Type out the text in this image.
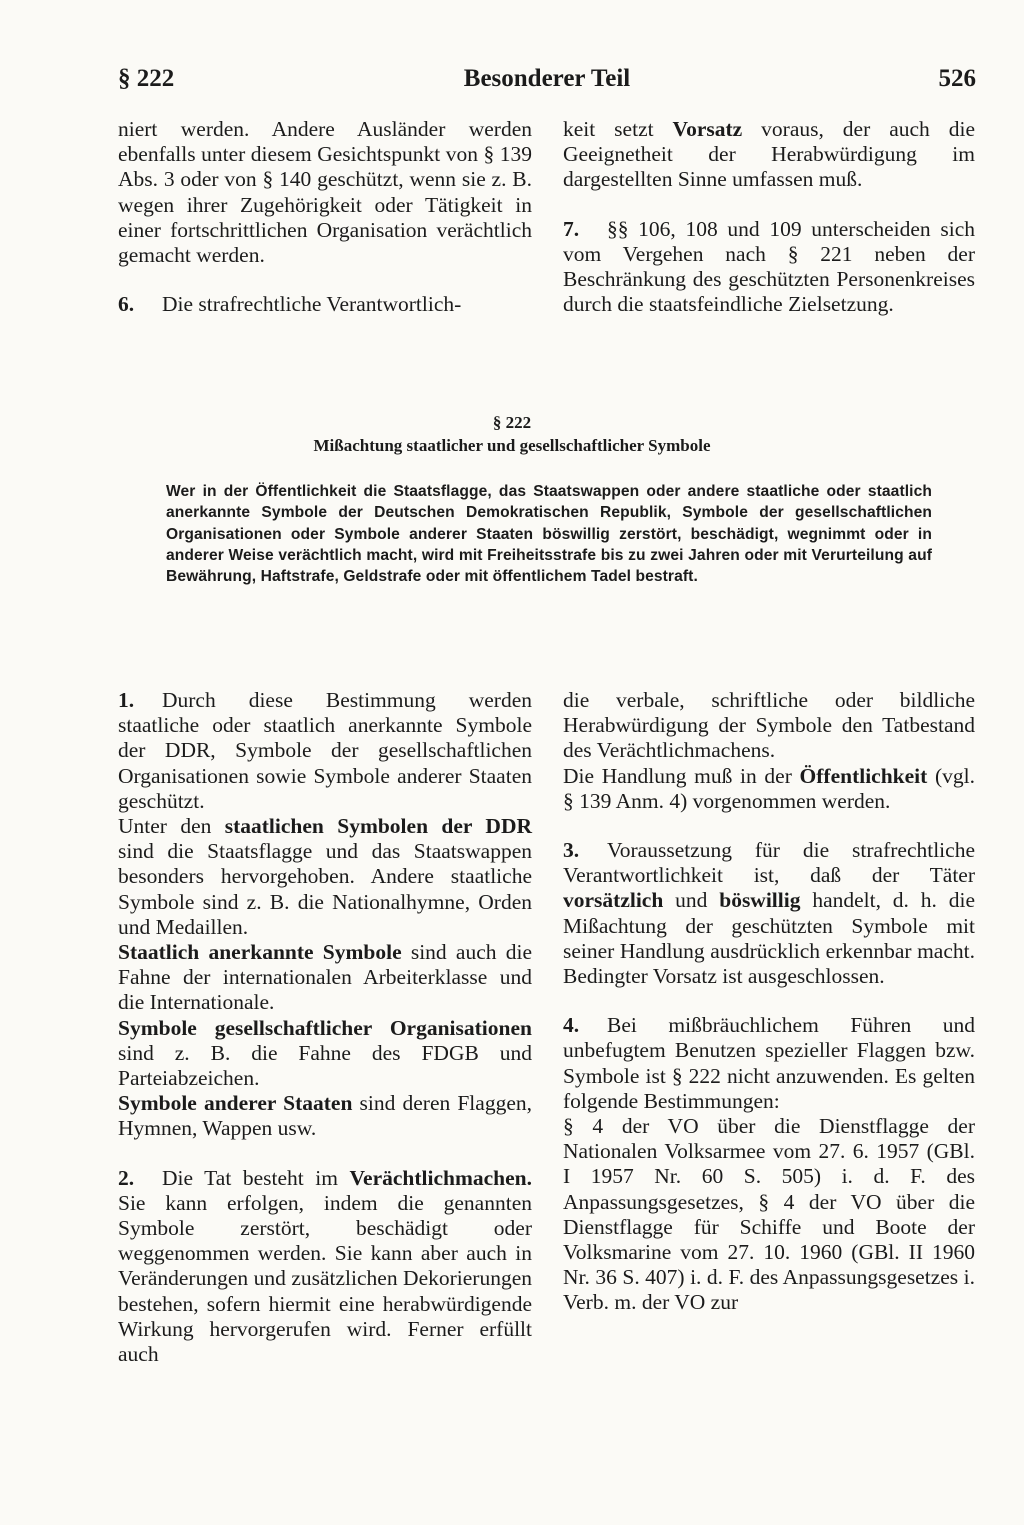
§ 222	Besonderer Teil	526

niert werden. Andere Ausländer werden ebenfalls unter diesem Gesichtspunkt von § 139 Abs. 3 oder von § 140 geschützt, wenn sie z. B. wegen ihrer Zugehörigkeit oder Tätigkeit in einer fortschrittlichen Organisation verächtlich gemacht werden.

6. Die strafrechtliche Verantwortlich-

keit setzt Vorsatz voraus, der auch die Geeignetheit der Herabwürdigung im dargestellten Sinne umfassen muß.

7. §§ 106, 108 und 109 unterscheiden sich vom Vergehen nach § 221 neben der Beschränkung des geschützten Personenkreises durch die staatsfeindliche Zielsetzung.

§ 222
Mißachtung staatlicher und gesellschaftlicher Symbole
Wer in der Öffentlichkeit die Staatsflagge, das Staatswappen oder andere staatliche oder staatlich anerkannte Symbole der Deutschen Demokratischen Republik, Symbole der gesellschaftlichen Organisationen oder Symbole anderer Staaten böswillig zerstört, beschädigt, wegnimmt oder in anderer Weise verächtlich macht, wird mit Freiheitsstrafe bis zu zwei Jahren oder mit Verurteilung auf Bewährung, Haftstrafe, Geldstrafe oder mit öffentlichem Tadel bestraft.

1. Durch diese Bestimmung werden staatliche oder staatlich anerkannte Symbole der DDR, Symbole der gesellschaftlichen Organisationen sowie Symbole anderer Staaten geschützt.

Unter den staatlichen Symbolen der DDR sind die Staatsflagge und das Staatswappen besonders hervorgehoben. Andere staatliche Symbole sind z. B. die Nationalhymne, Orden und Medaillen.

Staatlich anerkannte Symbole sind auch die Fahne der internationalen Arbeiterklasse und die Internationale.

Symbole gesellschaftlicher Organisationen sind z. B. die Fahne des FDGB und Parteiabzeichen.

Symbole anderer Staaten sind deren Flaggen, Hymnen, Wappen usw.

2. Die Tat besteht im Verächtlichmachen. Sie kann erfolgen, indem die genannten Symbole zerstört, beschädigt oder weggenommen werden. Sie kann aber auch in Veränderungen und zusätzlichen Dekorierungen bestehen, sofern hiermit eine herabwürdigende Wirkung hervorgerufen wird. Ferner erfüllt auch

die verbale, schriftliche oder bildliche Herabwürdigung der Symbole den Tatbestand des Verächtlichmachens.

Die Handlung muß in der Öffentlichkeit (vgl. § 139 Anm. 4) vorgenommen werden.

3. Voraussetzung für die strafrechtliche Verantwortlichkeit ist, daß der Täter vorsätzlich und böswillig handelt, d. h. die Mißachtung der geschützten Symbole mit seiner Handlung ausdrücklich erkennbar macht. Bedingter Vorsatz ist ausgeschlossen.

4. Bei mißbräuchlichem Führen und unbefugtem Benutzen spezieller Flaggen bzw. Symbole ist § 222 nicht anzuwenden. Es gelten folgende Bestimmungen:

§ 4 der VO über die Dienstflagge der Nationalen Volksarmee vom 27. 6. 1957 (GBl. I 1957 Nr. 60 S. 505) i. d. F. des Anpassungsgesetzes, § 4 der VO über die Dienstflagge für Schiffe und Boote der Volksmarine vom 27. 10. 1960 (GBl. II 1960 Nr. 36 S. 407) i. d. F. des Anpassungsgesetzes i. Verb. m. der VO zur
